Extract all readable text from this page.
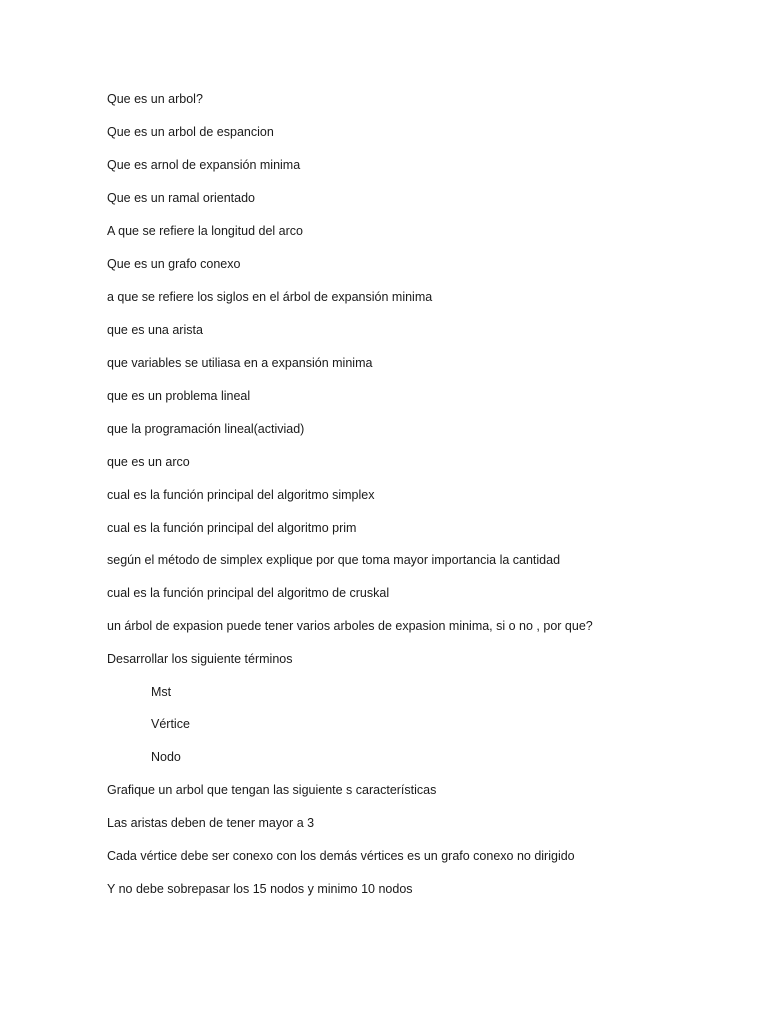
Que es un arbol?
Que es un arbol de espancion
Que es arnol de expansión minima
Que es un ramal orientado
A que se refiere la longitud del arco
Que es un grafo conexo
a que se refiere los siglos en el árbol de expansión minima
que es una arista
que variables se utiliasa en a expansión minima
que es un problema lineal
que la programación lineal(activiad)
que es un arco
cual es la función principal del algoritmo simplex
cual es la función principal del algoritmo prim
según el método de simplex explique por que toma mayor importancia la cantidad
cual es la función principal del algoritmo de cruskal
un árbol de expasion puede tener varios arboles de expasion minima, si o no , por que?
Desarrollar los siguiente términos
Mst
Vértice
Nodo
Grafique un arbol que tengan las siguiente s características
Las aristas deben de tener mayor a 3
Cada vértice debe ser conexo con los demás vértices es un grafo conexo no dirigido
Y no debe sobrepasar los 15 nodos y minimo 10 nodos
